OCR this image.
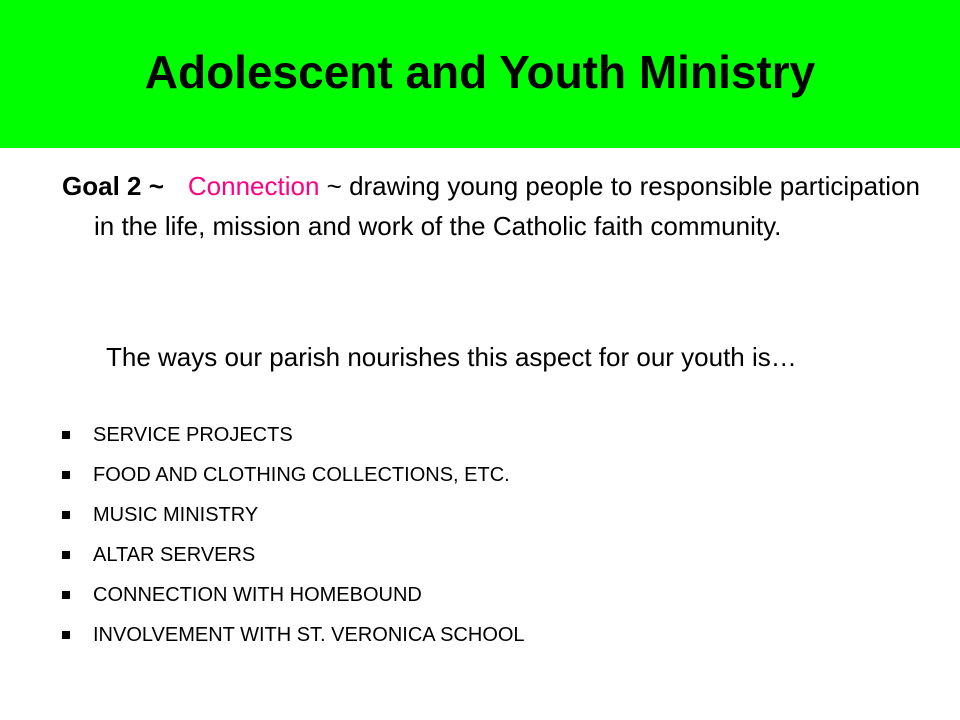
Adolescent and Youth Ministry

Goal 2 ~ Connection ~ drawing young people to responsible participation in the life, mission and work of the Catholic faith community.

The ways our parish nourishes this aspect for our youth is…

SERVICE PROJECTS
FOOD AND CLOTHING COLLECTIONS, ETC.
MUSIC MINISTRY
ALTAR SERVERS
CONNECTION WITH HOMEBOUND
INVOLVEMENT WITH ST. VERONICA SCHOOL
